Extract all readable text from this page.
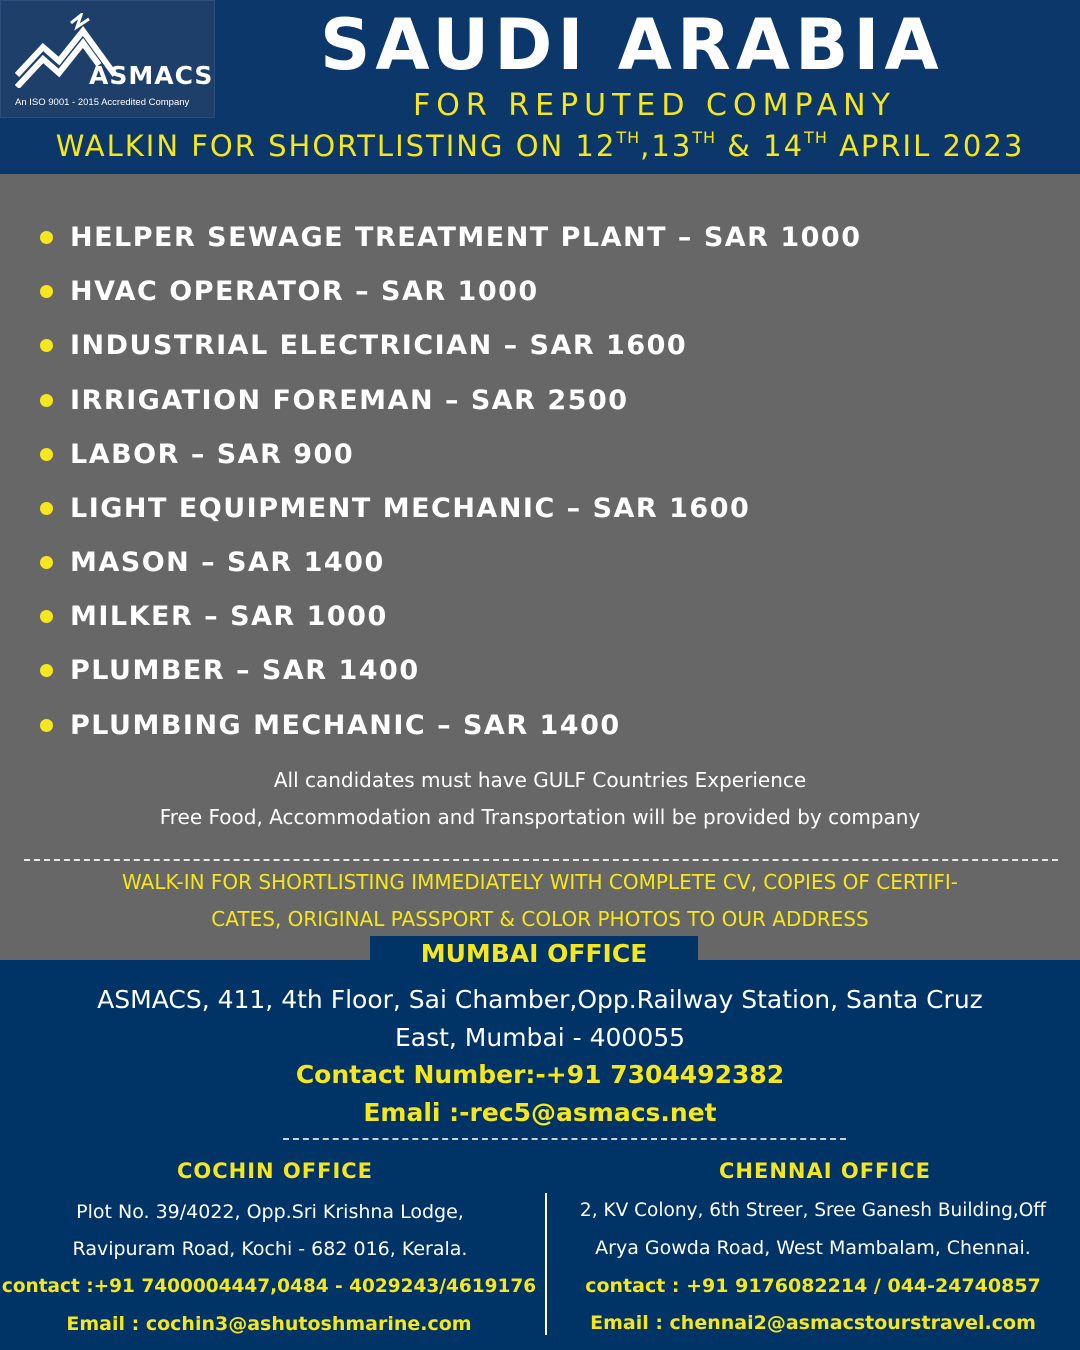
ASMACS
An ISO 9001 - 2015 Accredited Company
SAUDI ARABIA
FOR REPUTED COMPANY
WALKIN FOR SHORTLISTING ON 12TH,13TH & 14TH APRIL 2023
HELPER SEWAGE TREATMENT PLANT – SAR 1000
HVAC OPERATOR – SAR 1000
INDUSTRIAL ELECTRICIAN – SAR 1600
IRRIGATION FOREMAN – SAR 2500
LABOR – SAR 900
LIGHT EQUIPMENT MECHANIC – SAR 1600
MASON – SAR 1400
MILKER – SAR 1000
PLUMBER – SAR 1400
PLUMBING MECHANIC – SAR 1400
All candidates must have GULF Countries Experience
Free Food, Accommodation and Transportation will be provided by company
WALK-IN FOR SHORTLISTING IMMEDIATELY WITH COMPLETE CV, COPIES OF CERTIFI-
CATES, ORIGINAL PASSPORT & COLOR PHOTOS TO OUR ADDRESS
MUMBAI OFFICE
ASMACS, 411, 4th Floor, Sai Chamber,Opp.Railway Station, Santa Cruz
East, Mumbai - 400055
Contact Number:-+91 7304492382
Emali :-rec5@asmacs.net
COCHIN OFFICE
Plot No. 39/4022, Opp.Sri Krishna Lodge,
Ravipuram Road, Kochi - 682 016, Kerala.
contact :+91 7400004447,0484 - 4029243/4619176
Email : cochin3@ashutoshmarine.com
CHENNAI OFFICE
2, KV Colony, 6th Streer, Sree Ganesh Building,Off
Arya Gowda Road, West Mambalam, Chennai.
contact : +91 9176082214 / 044-24740857
Email : chennai2@asmacstourstravel.com
